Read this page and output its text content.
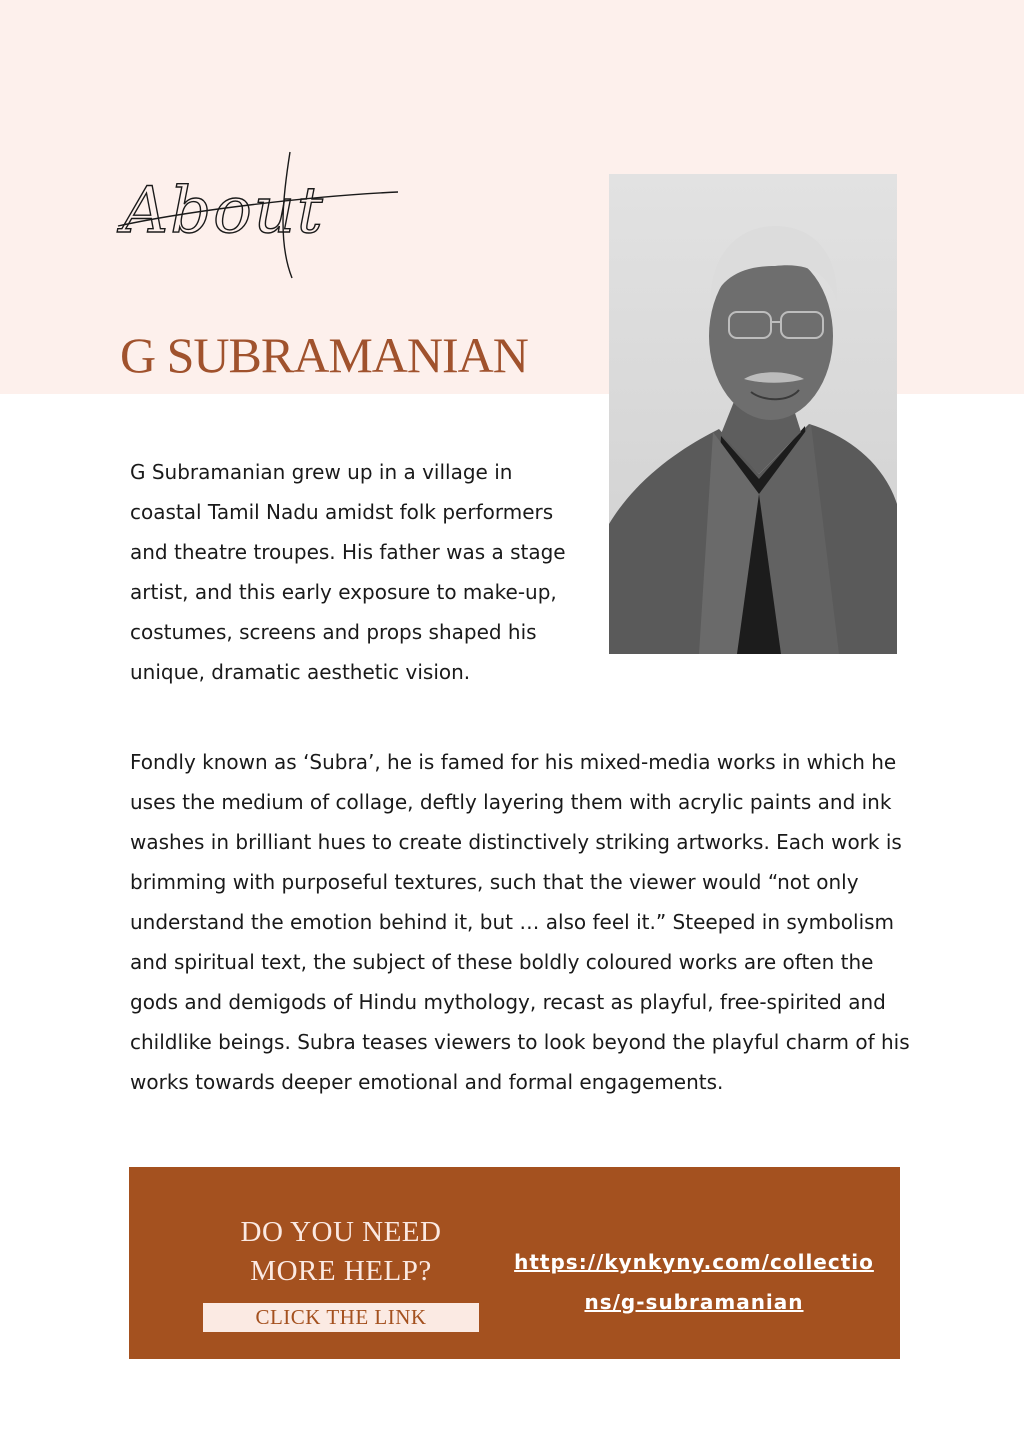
About
G SUBRAMANIAN

G Subramanian grew up in a village in coastal Tamil Nadu amidst folk performers and theatre troupes. His father was a stage artist, and this early exposure to make-up, costumes, screens and props shaped his unique, dramatic aesthetic vision.

Fondly known as ‘Subra’, he is famed for his mixed-media works in which he uses the medium of collage, deftly layering them with acrylic paints and ink washes in brilliant hues to create distinctively striking artworks. Each work is brimming with purposeful textures, such that the viewer would “not only understand the emotion behind it, but … also feel it.” Steeped in symbolism and spiritual text, the subject of these boldly coloured works are often the gods and demigods of Hindu mythology, recast as playful, free-spirited and childlike beings. Subra teases viewers to look beyond the playful charm of his works towards deeper emotional and formal engagements.

DO YOU NEED
MORE HELP?
CLICK THE LINK
https://kynkyny.com/collections/g-subramanian
